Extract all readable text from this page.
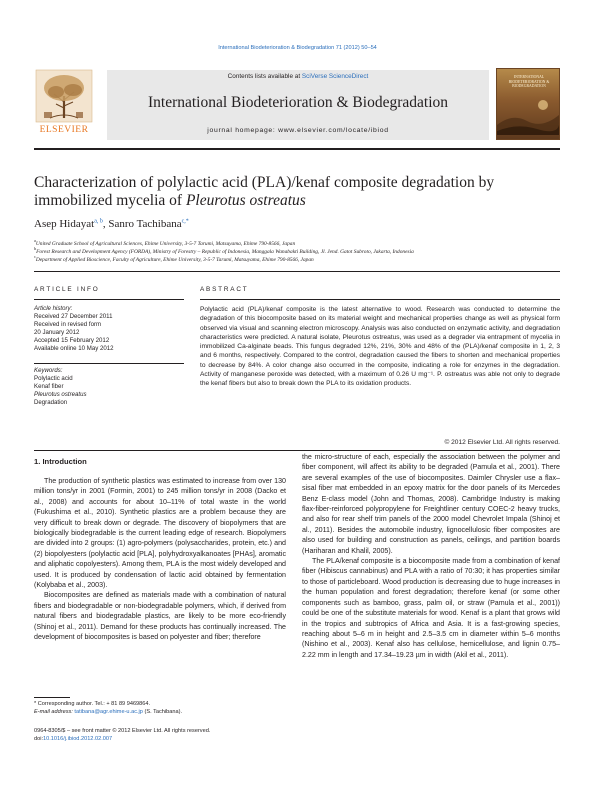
International Biodeterioration & Biodegradation 71 (2012) 50–54
Contents lists available at SciVerse ScienceDirect
International Biodeterioration & Biodegradation
journal homepage: www.elsevier.com/locate/ibiod
ELSEVIER
INTERNATIONAL BIODETERIORATION & BIODEGRADATION
Characterization of polylactic acid (PLA)/kenaf composite degradation by immobilized mycelia of Pleurotus ostreatus
Asep Hidayat$^{a, b}$, Sanro Tachibana$^{c,*}$
$^a$United Graduate School of Agricultural Sciences, Ehime University, 3-5-7 Tarumi, Matsuyama, Ehime 790-8566, Japan
$^b$Forest Research and Development Agency (FORDA), Ministry of Forestry – Republic of Indonesia, Manggala Wanabakti Building, Jl. Jend. Gatot Subroto, Jakarta, Indonesia
$^c$Department of Applied Bioscience, Faculty of Agriculture, Ehime University, 3-5-7 Tarumi, Matsuyama, Ehime 790-8566, Japan
ARTICLE INFO
Article history:
Received 27 December 2011
Received in revised form
20 January 2012
Accepted 15 February 2012
Available online 10 May 2012
Keywords:
Polylactic acid
Kenaf fiber
Pleurotus ostreatus
Degradation
ABSTRACT
Polylactic acid (PLA)/kenaf composite is the latest alternative to wood. Research was conducted to determine the degradation of this biocomposite based on its material weight and mechanical properties change as well as physical form observed via visual and scanning electron microscopy. Analysis was also conducted on enzymatic activity, and degradation characteristics were predicted. A natural isolate, Pleurotus ostreatus, was used as a degrader via entrapment of mycelia in immobilized Ca-alginate beads. This fungus degraded 12%, 21%, 30% and 48% of the (PLA)/kenaf composite in 1, 2, 3 and 6 months, respectively. Compared to the control, degradation caused the fibers to shorten and mechanical properties to decrease by 84%. A color change also occurred in the composite, indicating a role for enzymes in the degradation. Activity of manganese peroxide was detected, with a maximum of 0.26 U mg⁻¹. P. ostreatus was able not only to degrade the kenaf fibers but also to break down the PLA to its oxidation products.
© 2012 Elsevier Ltd. All rights reserved.
1. Introduction

The production of synthetic plastics was estimated to increase from over 130 million tons/yr in 2001 (Formin, 2001) to 245 million tons/yr in 2008 (Dacko et al., 2008) and accounts for about 10–11% of total waste in the world (Fukushima et al., 2010). Synthetic plastics are a problem because they are very difficult to break down or degrade. The discovery of biopolymers that are biologically biodegradable is the current leading edge of research. Biopolymers are divided into 2 groups: (1) agro-polymers (polysaccharides, protein, etc.) and (2) biopolyesters (polylactic acid [PLA], polyhydroxyalkanoates [PHAs], aromatic and aliphatic copolyesters). Among them, PLA is the most widely developed and used. It is produced by condensation of lactic acid obtained by fermentation (Kolybaba et al., 2003).

Biocomposites are defined as materials made with a combination of natural fibers and biodegradable or non-biodegradable polymers, which, if derived from natural fibers and biodegradable plastics, are likely to be more eco-friendly (Shinoj et al., 2011). Demand for these products has continually increased. The development of biocomposites is based on polyester and fiber; therefore

the micro-structure of each, especially the association between the polymer and fiber component, will affect its ability to be degraded (Pamula et al., 2001). There are several examples of the use of biocomposites. Daimler Chrysler use a flax–sisal fiber mat embedded in an epoxy matrix for the door panels of its Mercedes Benz E-class model (John and Thomas, 2008). Cambridge Industry is making flax-fiber-reinforced polypropylene for Freightliner century COEC-2 heavy trucks, and also for rear shelf trim panels of the 2000 model Chevrolet Impala (Shinoj et al., 2011). Besides the automobile industry, lignocellulosic fiber composites are also used for building and construction as panels, ceilings, and partition boards (Hariharan and Khalil, 2005).

The PLA/kenaf composite is a biocomposite made from a combination of kenaf fiber (Hibiscus cannabinus) and PLA with a ratio of 70:30; it has properties similar to those of particleboard. Wood production is decreasing due to huge increases in the human population and forest degradation; therefore kenaf (or some other components such as bamboo, grass, palm oil, or straw (Pamula et al., 2001)) could be one of the substitute materials for wood. Kenaf is a plant that grows wild in the tropics and subtropics of Africa and Asia. It is a fast-growing species, reaching about 5–6 m in height and 2.5–3.5 cm in diameter within 5–6 months (Nishino et al., 2003). Kenaf also has cellulose, hemicellulose, and lignin 0.75–2.22 mm in length and 17.34–19.23 µm in width (Akil et al., 2011).

* Corresponding author. Tel.: + 81 89 9469864.
E-mail address: tatibana@agr.ehime-u.ac.jp (S. Tachibana).
0964-8305/$ – see front matter © 2012 Elsevier Ltd. All rights reserved.
doi:10.1016/j.ibiod.2012.02.007
